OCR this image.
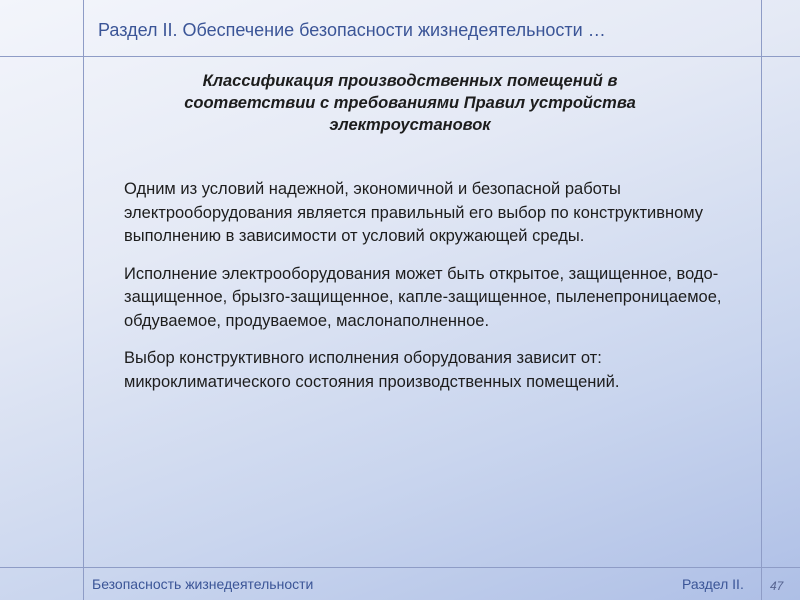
Раздел II. Обеспечение безопасности жизнедеятельности …
Классификация производственных помещений в
соответствии с требованиями Правил устройства
электроустановок

Одним из условий надежной, экономичной и безопасной работы электрооборудования является правильный его выбор по конструктивному выполнению в зависимости от условий окружающей среды.

Исполнение электрооборудования может быть открытое, защищенное, водо-защищенное, брызго-защищенное, капле-защищенное, пыленепроницаемое, обдуваемое, продуваемое, маслонаполненное.

Выбор конструктивного исполнения оборудования зависит от: микроклиматического состояния производственных помещений.

Безопасность жизнедеятельности	Раздел II. 47
